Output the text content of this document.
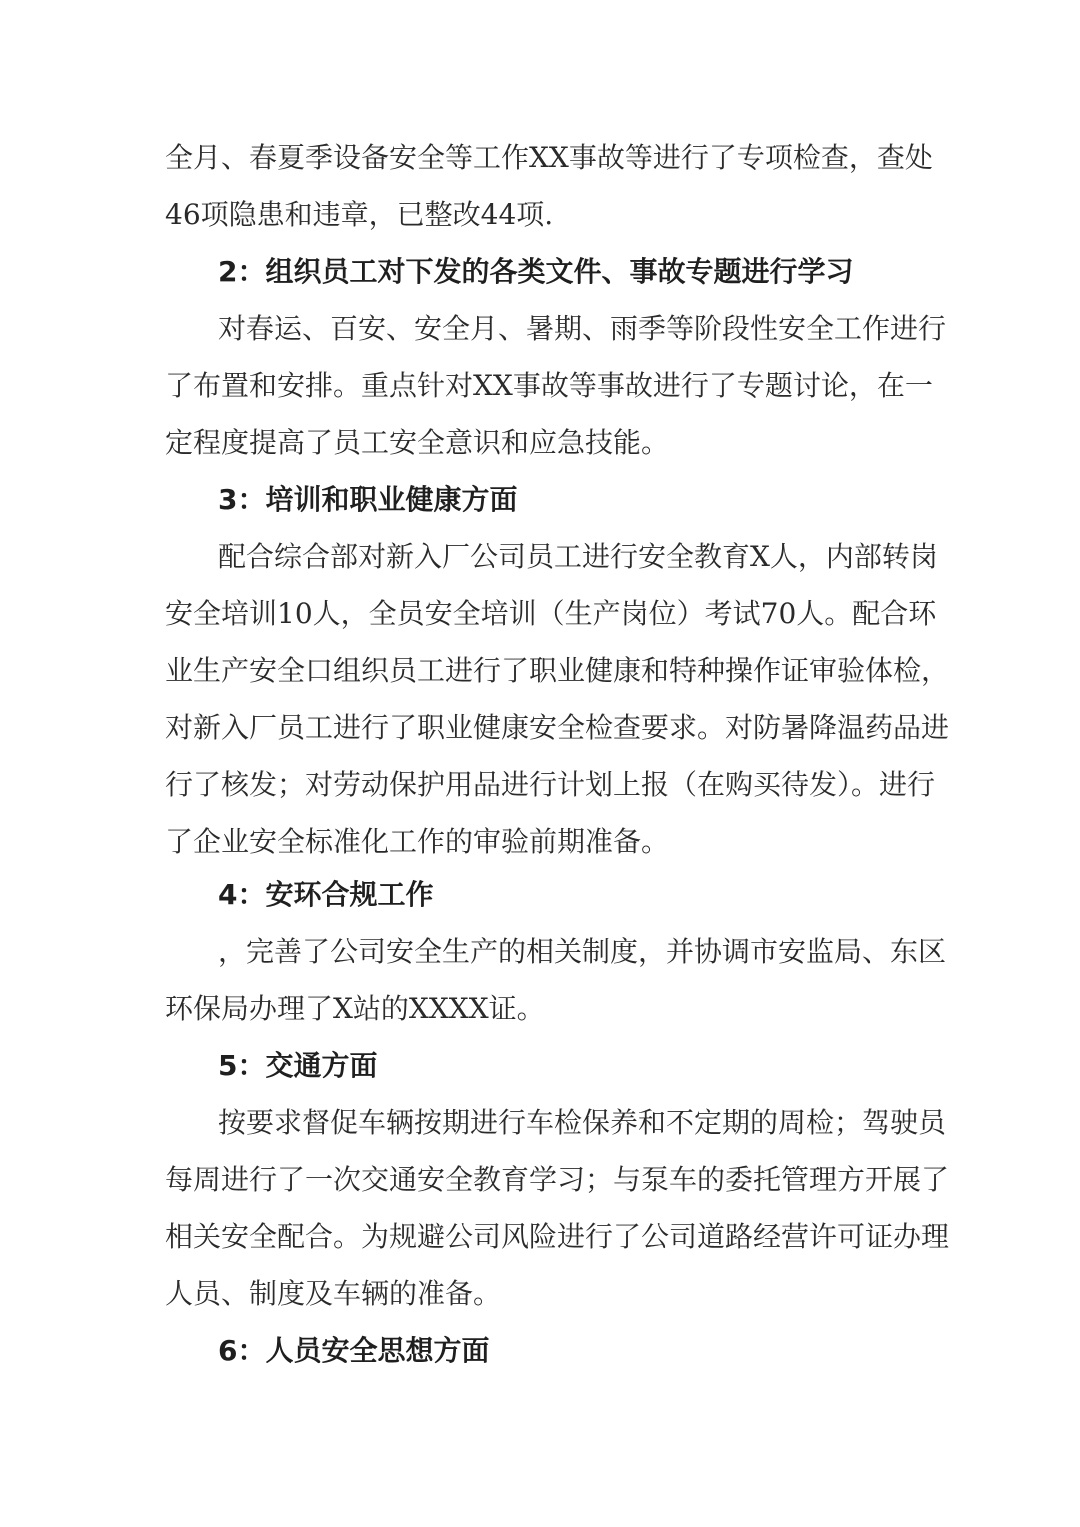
全月、春夏季设备安全等工作XX事故等进行了专项检查，查处
46项隐患和违章，已整改44项.
2：组织员工对下发的各类文件、事故专题进行学习
对春运、百安、安全月、暑期、雨季等阶段性安全工作进行
了布置和安排。重点针对XX事故等事故进行了专题讨论，在一
定程度提高了员工安全意识和应急技能。
3：培训和职业健康方面
配合综合部对新入厂公司员工进行安全教育X人，内部转岗
安全培训10人，全员安全培训（生产岗位）考试70人。配合环
业生产安全口组织员工进行了职业健康和特种操作证审验体检，
对新入厂员工进行了职业健康安全检查要求。对防暑降温药品进
行了核发；对劳动保护用品进行计划上报（在购买待发）。进行
了企业安全标准化工作的审验前期准备。
4：安环合规工作
，完善了公司安全生产的相关制度，并协调市安监局、东区
环保局办理了X站的XXXX证。
5：交通方面
按要求督促车辆按期进行车检保养和不定期的周检；驾驶员
每周进行了一次交通安全教育学习；与泵车的委托管理方开展了
相关安全配合。为规避公司风险进行了公司道路经营许可证办理
人员、制度及车辆的准备。
6：人员安全思想方面
